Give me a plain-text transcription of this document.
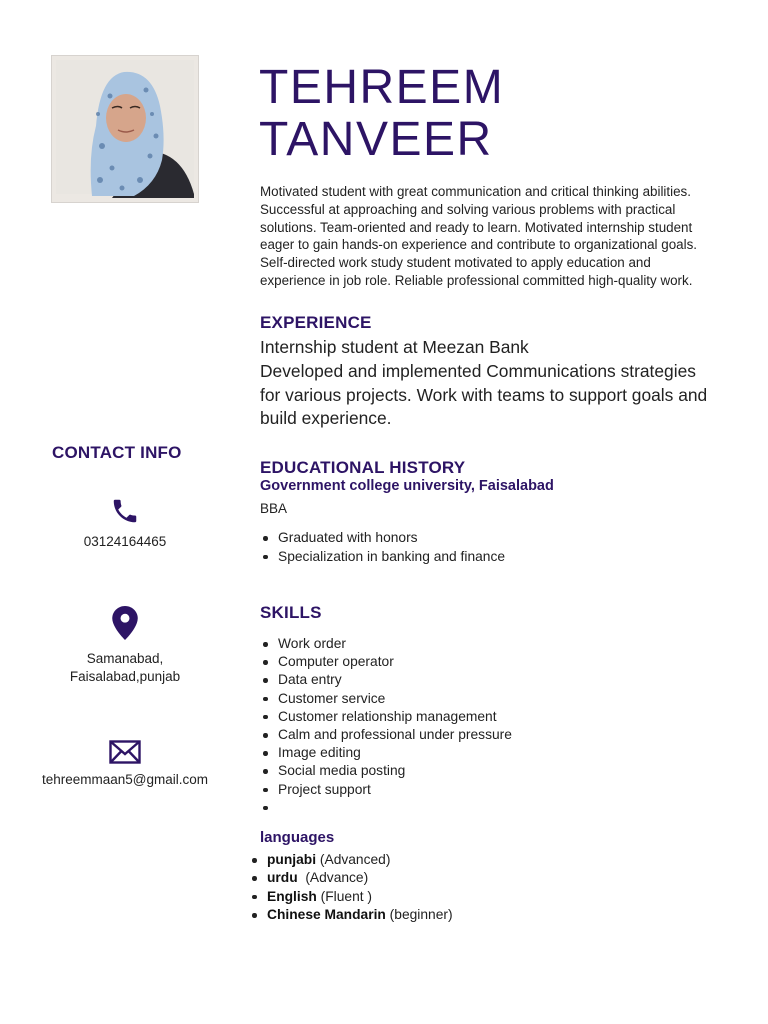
TEHREEM
TANVEER
Motivated student with great communication and critical thinking abilities. Successful at approaching and solving various problems with practical solutions. Team-oriented and ready to learn. Motivated internship student eager to gain hands-on experience and contribute to organizational goals. Self-directed work study student motivated to apply education and experience in job role. Reliable professional committed high-quality work.
EXPERIENCE
Internship student at Meezan Bank
Developed and implemented Communications strategies for various projects. Work with teams to support goals and build experience.
EDUCATIONAL HISTORY
Government college university, Faisalabad
BBA
Graduated with honors
Specialization in banking and finance
SKILLS
Work order
Computer operator
Data entry
Customer service
Customer relationship management
Calm and professional under pressure
Image editing
Social media posting
Project support
languages
punjabi (Advanced)
urdu  (Advance)
English (Fluent )
Chinese Mandarin (beginner)
CONTACT INFO
03124164465
Samanabad, Faisalabad,punjab
tehreemmaan5@gmail.com
